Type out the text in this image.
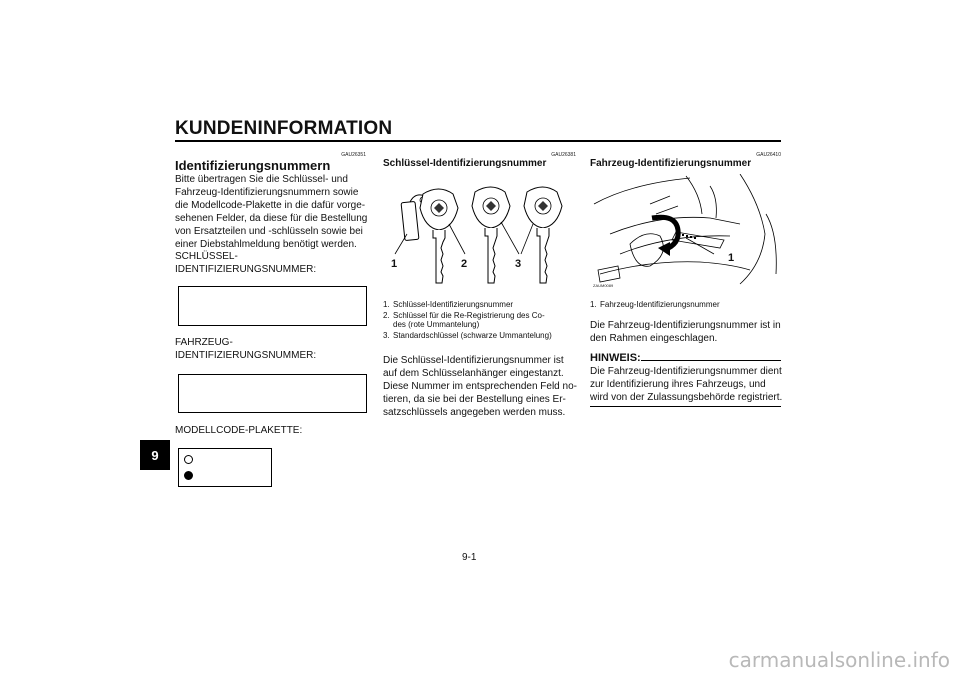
KUNDENINFORMATION
9
GAU26351
Identifizierungsnummern
Bitte übertragen Sie die Schlüssel- und
Fahrzeug-Identifizierungsnummern sowie
die Modellcode-Plakette in die dafür vorge-
sehenen Felder, da diese für die Bestellung
von Ersatzteilen und -schlüsseln sowie bei
einer Diebstahlmeldung benötigt werden.
SCHLÜSSEL-
IDENTIFIZIERUNGSNUMMER:
FAHRZEUG-
IDENTIFIZIERUNGSNUMMER:
MODELLCODE-PLAKETTE:
GAU26381
Schlüssel-Identifizierungsnummer
1	2	3
1. Schlüssel-Identifizierungsnummer
2. Schlüssel für die Re-Registrierung des Co-
des (rote Ummantelung)
3. Standardschlüssel (schwarze Ummantelung)
Die Schlüssel-Identifizierungsnummer ist
auf dem Schlüsselanhänger eingestanzt.
Diese Nummer im entsprechenden Feld no-
tieren, da sie bei der Bestellung eines Er-
satzschlüssels angegeben werden muss.
GAU26410
Fahrzeug-Identifizierungsnummer
ZAUM0089
1
1. Fahrzeug-Identifizierungsnummer
Die Fahrzeug-Identifizierungsnummer ist in
den Rahmen eingeschlagen.
HINWEIS:
Die Fahrzeug-Identifizierungsnummer dient
zur Identifizierung ihres Fahrzeugs, und
wird von der Zulassungsbehörde registriert.
9-1
carmanualsonline.info
